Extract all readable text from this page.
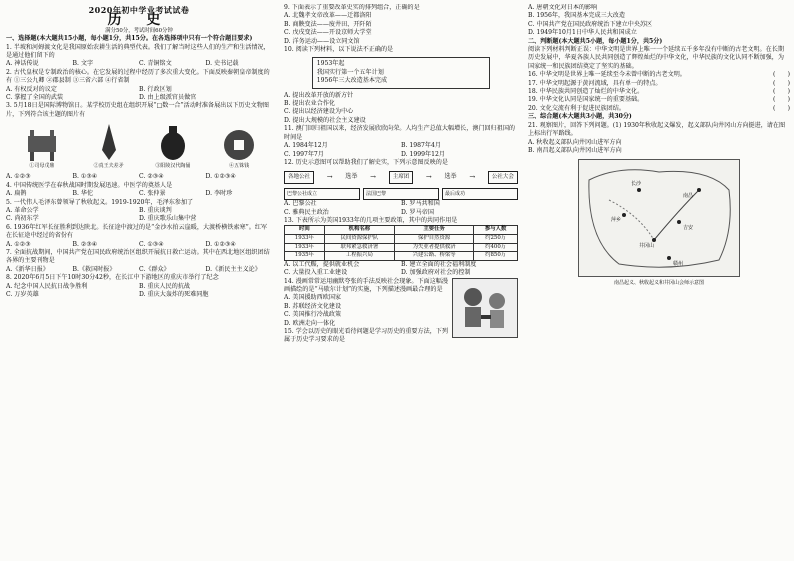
2020年初中学业考试试卷
历 史
满分50分，考试时间60分钟
一、选择题(本大题共15小题，每小题1分，共15分。在各选择项中只有一个符合题目要求)

1. 半坡和河姆渡文化是我国原始农耕生活的典型代表。我们了解当时这些人们的生产和生活情况，是通过他们留下的

A. 神话传说	B. 文字	C. 青铜铭文	D. 史书记载

2. 古代皇权是专制政治的核心。在它发展的过程中经历了多次重大变化。下面反映秦朝皇帝制度的有 ①三公九卿 ②郡县制 ③三省六部 ④行省制

A. 有权反对的议定	B. 行政区划
C. 掌握了全国的武装	D. 由上级派官员做官

3. 5月18日是国际博物馆日。某学校历史组在组织开展“□数一合”活动时准备展出以下历史文物图片，下列符合该主题的图片有

①司母戊鼎	②真王夫差矛	③阳陵汉代陶俑	④五铢钱
A. ①②③	B. ①③④	C. ②③④	D. ①②③④

4. 中国传统医学在春秋战国时期发展迅速。中医学的奠基人是

A. 扁鹊	B. 华佗	C. 张仲景	D. 李时珍

5. 一代伟人毛泽东曾领导了秋收起义。1919-1920年，毛泽东参加了

A. 革命公学	B. 重庆谈判
C. 尚初东学	D. 重庆歌乐山集中营

6. 1936年红军长征胜利到达陕北。长征途中渡过的是“金沙水拍云崖暖，大渡桥横铁索寒”。红军在长征途中经过的省份有

A. ①②③	B. ②③④	C. ①③④	D. ①②③④

7. 全面抗战期间，中国共产党在国民政府统治区组织开展抗日救亡运动。其中在西北地区组织团结各界的主要刊物是

A.《新华日报》	B.《救国时报》	C.《群众》	D.《新民主主义论》

8. 2020年6月5日下午10时30分42秒，在长江中下游地区的重庆市举行了纪念

A. 纪念中国人民抗日战争胜利	B. 重庆人民的抗战
C. 万岁英雄	D. 重庆大轰炸的死难同胞

9. 下面表示了重要改革史实的排列组合，正确的是

A. 北魏孝文帝改革——迁都洛阳
B. 商鞅变法——废井田、开阡陌
C. 戊戌变法——开设京师大学堂
D. 洋务运动——设立同文馆

10. 阅读下列材料，以下说法不正确的是

1953年起
我国实行第一个五年计划
1956年三大改造基本完成
A. 提出改革开放的新方针
B. 提出农业合作化
C. 提出以经济建设为中心
D. 提出大规模的社会主义建设

11. 澳门回归祖国以来，经济发展欣欣向荣。人均生产总值大幅增长，澳门回归祖国的时间是

A. 1984年12月	B. 1987年4月
C. 1997年7月	D. 1999年12月

12. 历史示意图可以帮助我们了解史实，下列示意图反映的是

各地公社	→ 选举 →	主席团	→ 选举 →	公社大会
巴黎公社成立	法国巴黎	最后成功
A. 巴黎公社	B. 罗马共和国
C. 雅典民主政治	D. 罗马帝国

13. 下表所示为美国1933年的几项主要政策，其中的共同作用是

时间	机构名称	主要任务	参与人数
1933年	民间资源保护队	保护自然资源	约250万
1933年	联邦紧急救济署	为失业者提供救济	约400万
1935年	工程振兴局	兴建公路、桥梁等	约850万
A. 以工代赈，提供就业机会	B. 建立全面的社会福利制度
C. 大量投入重工业建设	D. 加强政府对社会的控制

14. 漫画常常运用幽默夸张的手法反映社会现象。下面这幅漫画描绘的是“马歇尔计划”的实施，下列描述漫画最合理的是

A. 美国援助西欧国家
B. 苏联经济文化建设
C. 美国推行冷战政策
D. 欧洲走向一体化

15. 学会以历史的眼光看待问题是学习历史的重要方法，下列属于历史学习要求的是

A. 唐朝文化对日本的影响
B. 1956年，我国基本完成三大改造
C. 中国共产党在国民政府统治下建立中央苏区
D. 1949年10月1日中华人民共和国成立
二、判断题(本大题共5小题，每小题1分，共5分)

阅读下列材料判断正误：中华文明是世界上唯一一个延续五千多年没有中断的古老文明。在长期历史发展中，华夏各族人民共同创造了辉煌灿烂的中华文化，中华民族的文化认同不断加强，为国家统一和民族团结奠定了坚实的基础。

16. 中华文明是世界上唯一延续至今未曾中断的古老文明。	(　　)
17. 中华文明起源于黄河流域，具有单一的特点。	(　　)
18. 中华民族共同创造了灿烂的中华文化。	(　　)
19. 中华文化认同是国家统一的重要基础。	(　　)
20. 文化交流有利于促进民族团结。	(　　)
三、综合题(本大题共3小题，共30分)

21. 观察图片，回答下列问题。(1) 1930年秋收起义爆发，起义部队向井冈山方向挺进，请在图上标出行军路线。

A. 秋收起义部队向井冈山进军方向
B. 南昌起义部队向井冈山进军方向
南昌
井冈山
长沙
萍乡
吉安
赣州
南昌起义、秋收起义和井冈山会师示意图
